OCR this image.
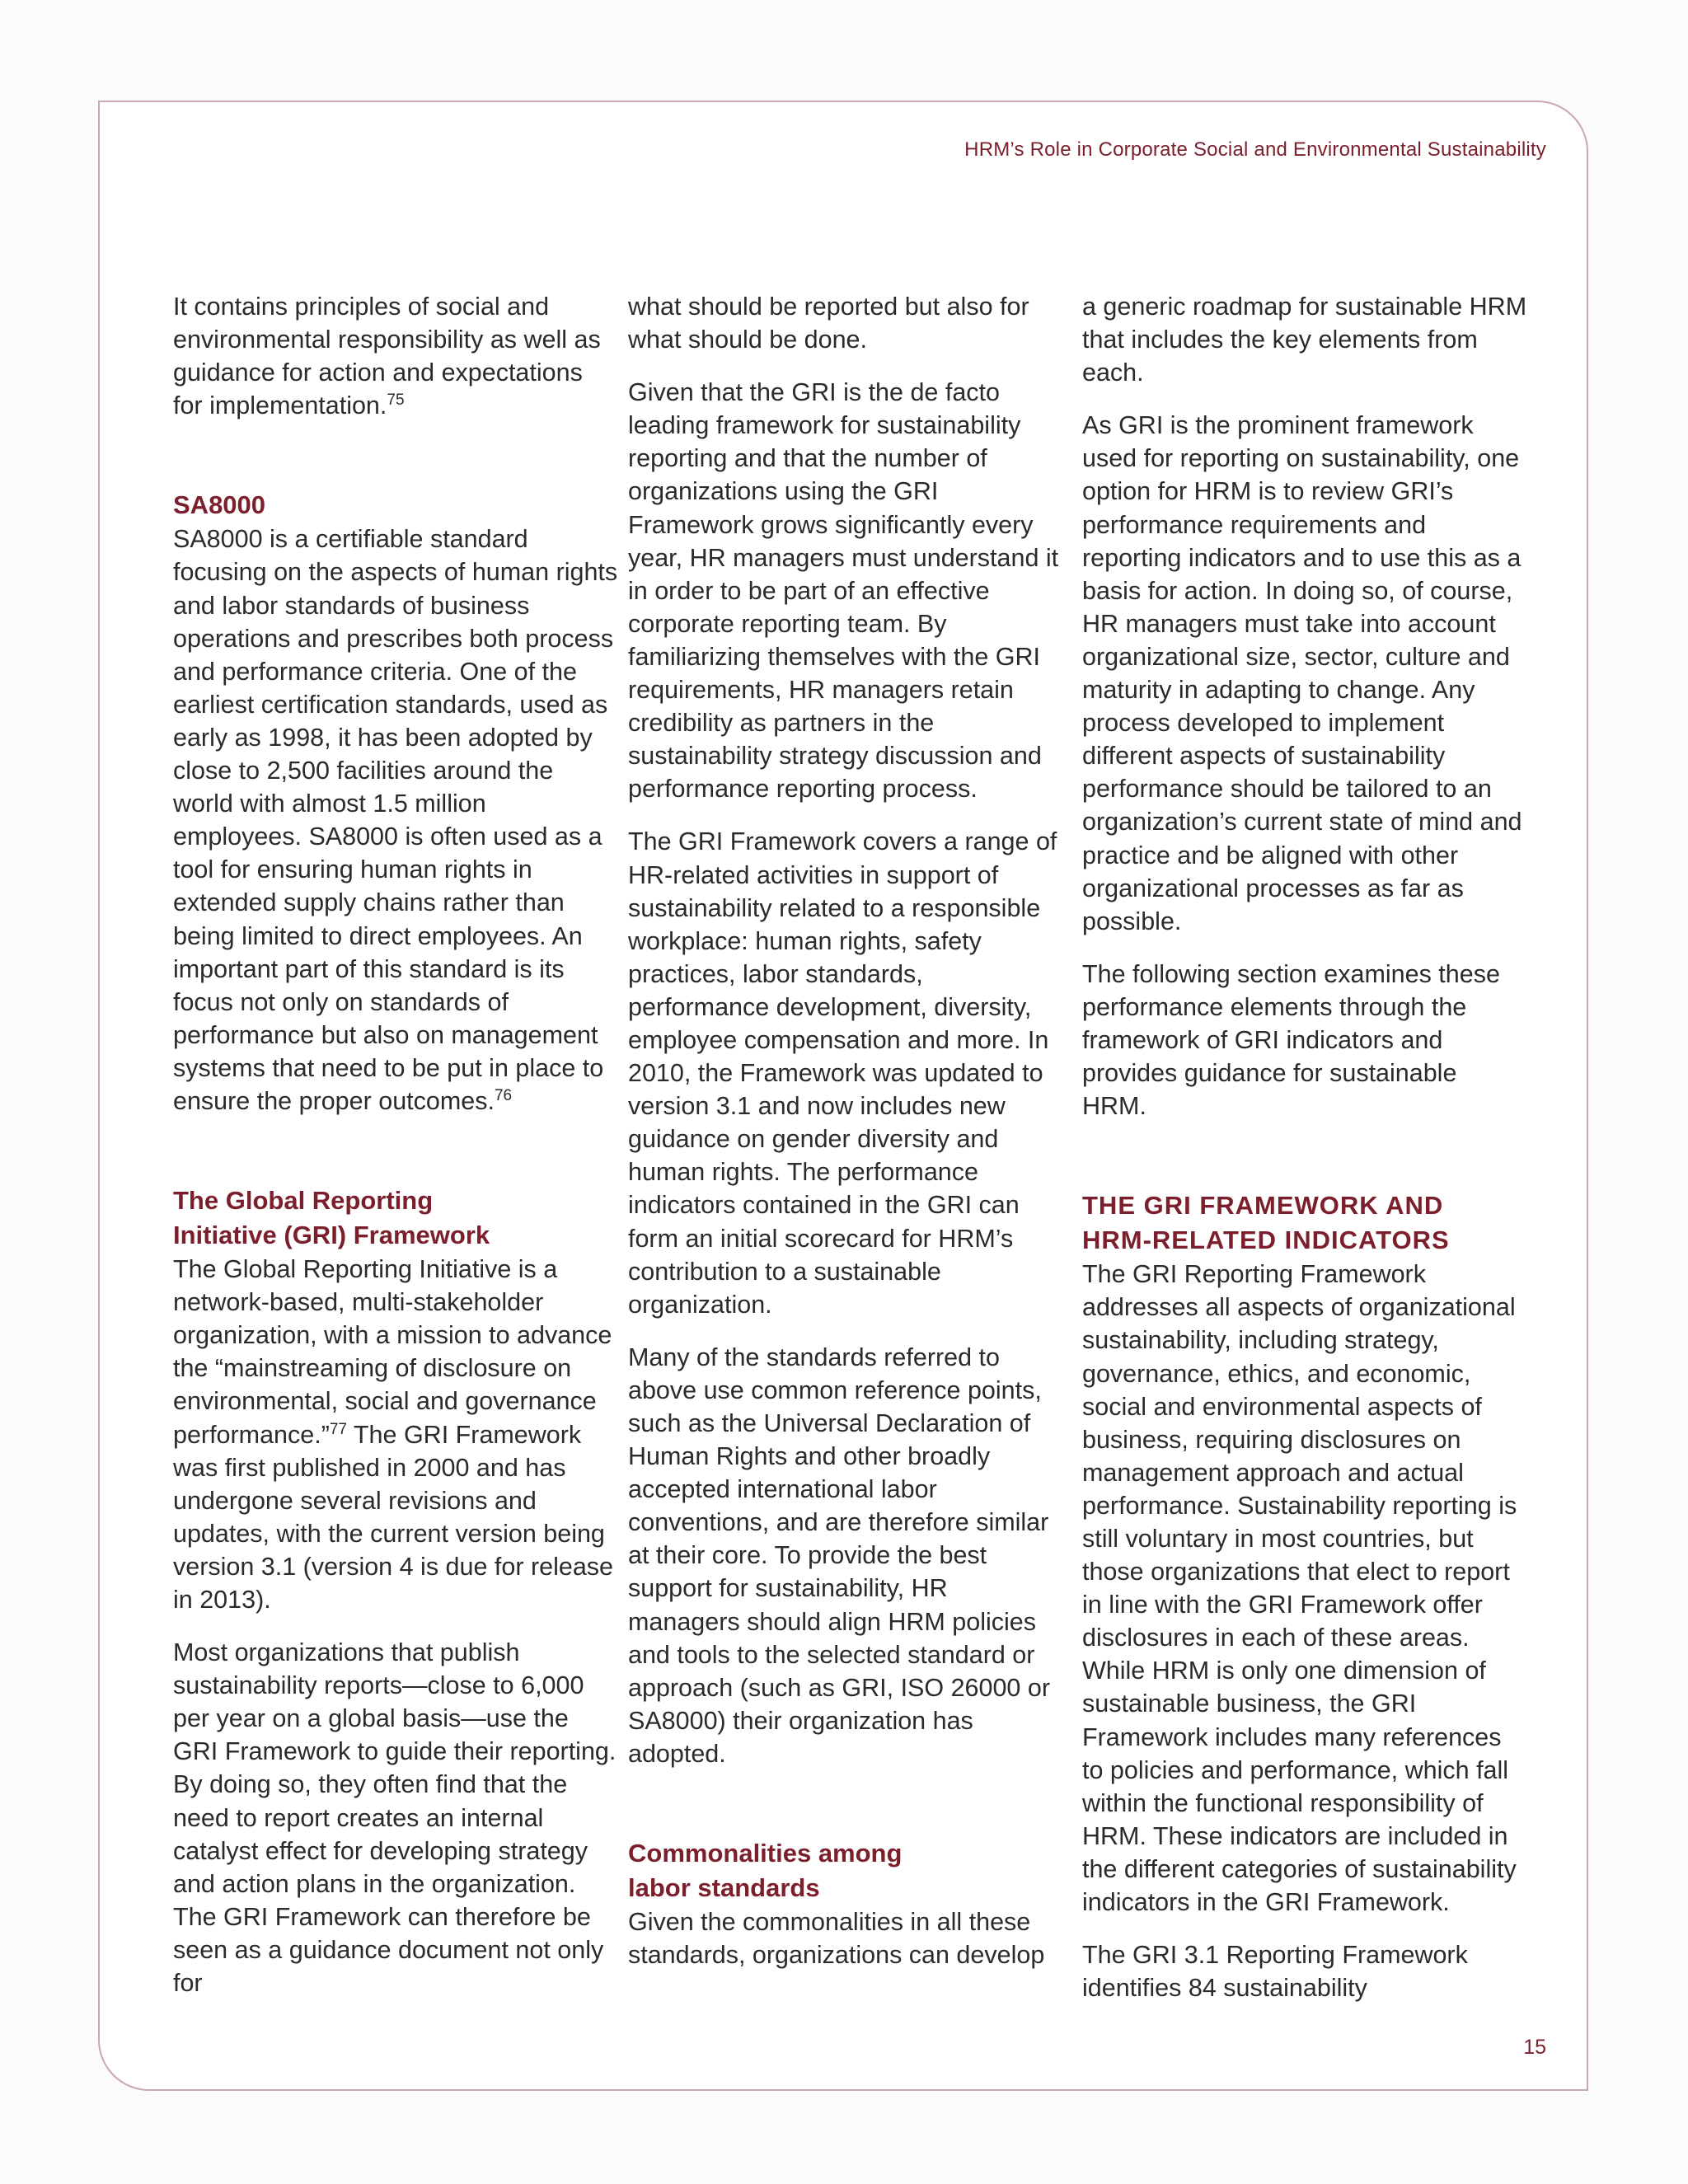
HRM’s Role in Corporate Social and Environmental Sustainability

It contains principles of social and environmental responsibility as well as guidance for action and expectations for implementation.$^{75}$

SA8000

SA8000 is a certifiable standard focusing on the aspects of human rights and labor standards of business operations and prescribes both process and performance criteria. One of the earliest certification standards, used as early as 1998, it has been adopted by close to 2,500 facilities around the world with almost 1.5 million employees. SA8000 is often used as a tool for ensuring human rights in extended supply chains rather than being limited to direct employees. An important part of this standard is its focus not only on standards of performance but also on management systems that need to be put in place to ensure the proper outcomes.$^{76}$

The Global Reporting
Initiative (GRI) Framework

The Global Reporting Initiative is a network-based, multi-stakeholder organization, with a mission to advance the “mainstreaming of disclosure on environmental, social and governance performance.”$^{77}$ The GRI Framework was first published in 2000 and has undergone several revisions and updates, with the current version being version 3.1 (version 4 is due for release in 2013).

Most organizations that publish sustainability reports—close to 6,000 per year on a global basis—use the GRI Framework to guide their reporting. By doing so, they often find that the need to report creates an internal catalyst effect for developing strategy and action plans in the organization. The GRI Framework can therefore be seen as a guidance document not only for

what should be reported but also for what should be done.

Given that the GRI is the de facto leading framework for sustainability reporting and that the number of organizations using the GRI Framework grows significantly every year, HR managers must understand it in order to be part of an effective corporate reporting team. By familiarizing themselves with the GRI requirements, HR managers retain credibility as partners in the sustainability strategy discussion and performance reporting process.

The GRI Framework covers a range of HR-related activities in support of sustainability related to a responsible workplace: human rights, safety practices, labor standards, performance development, diversity, employee compensation and more. In 2010, the Framework was updated to version 3.1 and now includes new guidance on gender diversity and human rights. The performance indicators contained in the GRI can form an initial scorecard for HRM’s contribution to a sustainable organization.

Many of the standards referred to above use common reference points, such as the Universal Declaration of Human Rights and other broadly accepted international labor conventions, and are therefore similar at their core. To provide the best support for sustainability, HR managers should align HRM policies and tools to the selected standard or approach (such as GRI, ISO 26000 or SA8000) their organization has adopted.

Commonalities among
labor standards

Given the commonalities in all these standards, organizations can develop

a generic roadmap for sustainable HRM that includes the key elements from each.

As GRI is the prominent framework used for reporting on sustainability, one option for HRM is to review GRI’s performance requirements and reporting indicators and to use this as a basis for action. In doing so, of course, HR managers must take into account organizational size, sector, culture and maturity in adapting to change. Any process developed to implement different aspects of sustainability performance should be tailored to an organization’s current state of mind and practice and be aligned with other organizational processes as far as possible.

The following section examines these performance elements through the framework of GRI indicators and provides guidance for sustainable HRM.

THE GRI FRAMEWORK AND
HRM-RELATED INDICATORS

The GRI Reporting Framework addresses all aspects of organizational sustainability, including strategy, governance, ethics, and economic, social and environmental aspects of business, requiring disclosures on management approach and actual performance. Sustainability reporting is still voluntary in most countries, but those organizations that elect to report in line with the GRI Framework offer disclosures in each of these areas. While HRM is only one dimension of sustainable business, the GRI Framework includes many references to policies and performance, which fall within the functional responsibility of HRM. These indicators are included in the different categories of sustainability indicators in the GRI Framework.

The GRI 3.1 Reporting Framework identifies 84 sustainability

15
